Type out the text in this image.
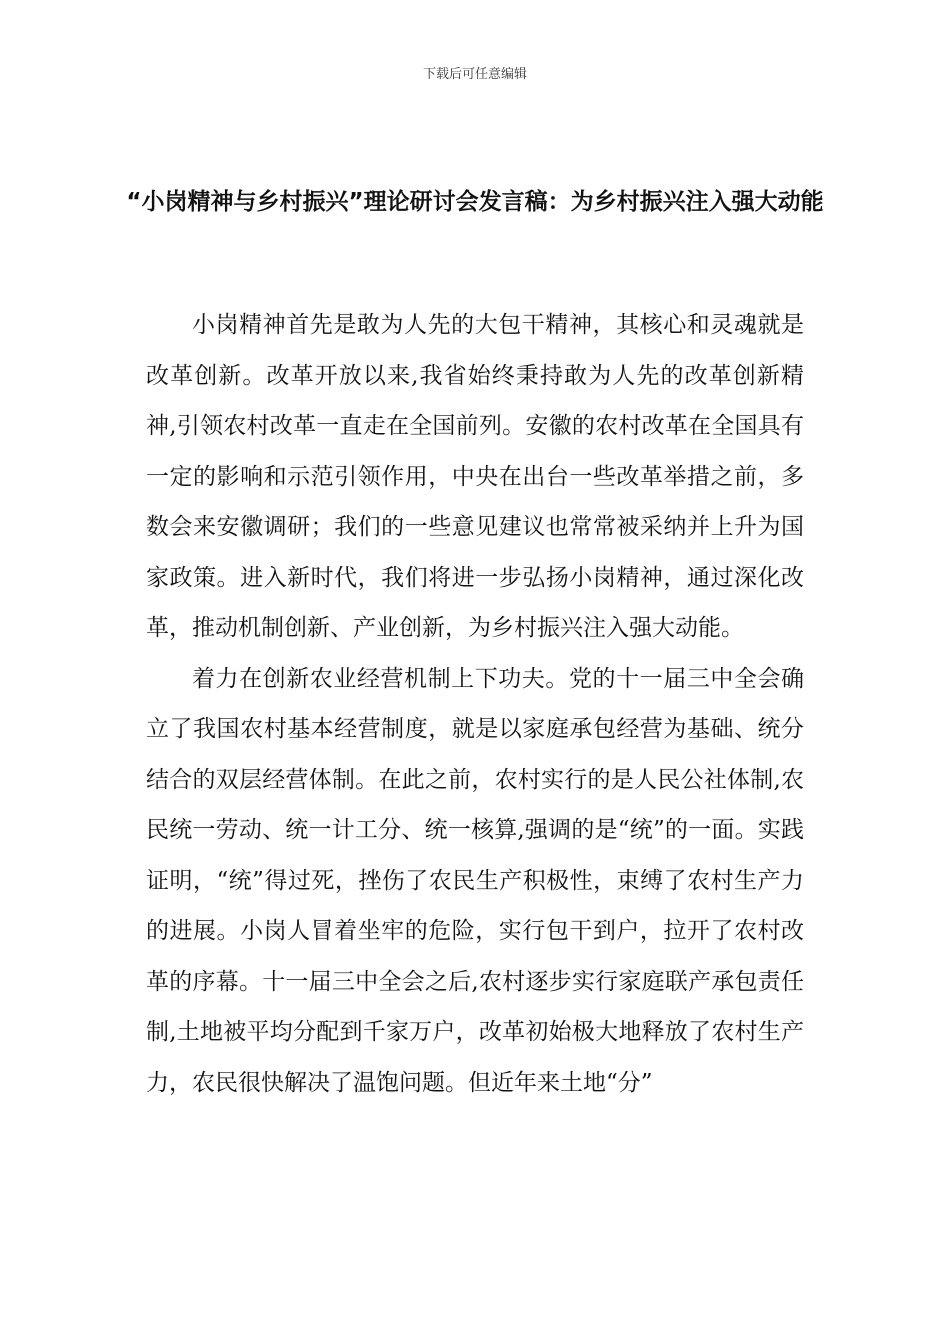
下载后可任意编辑
“小岗精神与乡村振兴”理论研讨会发言稿：为乡村振兴注入强大动能

小岗精神首先是敢为人先的大包干精神，其核心和灵魂就是改革创新。改革开放以来,我省始终秉持敢为人先的改革创新精神,引领农村改革一直走在全国前列。安徽的农村改革在全国具有一定的影响和示范引领作用，中央在出台一些改革举措之前，多数会来安徽调研；我们的一些意见建议也常常被采纳并上升为国家政策。进入新时代，我们将进一步弘扬小岗精神，通过深化改革，推动机制创新、产业创新，为乡村振兴注入强大动能。

着力在创新农业经营机制上下功夫。党的十一届三中全会确立了我国农村基本经营制度，就是以家庭承包经营为基础、统分结合的双层经营体制。在此之前，农村实行的是人民公社体制,农民统一劳动、统一计工分、统一核算,强调的是“统”的一面。实践证明，“统”得过死，挫伤了农民生产积极性，束缚了农村生产力的进展。小岗人冒着坐牢的危险，实行包干到户，拉开了农村改革的序幕。十一届三中全会之后,农村逐步实行家庭联产承包责任制,土地被平均分配到千家万户，改革初始极大地释放了农村生产力，农民很快解决了温饱问题。但近年来土地“分”
